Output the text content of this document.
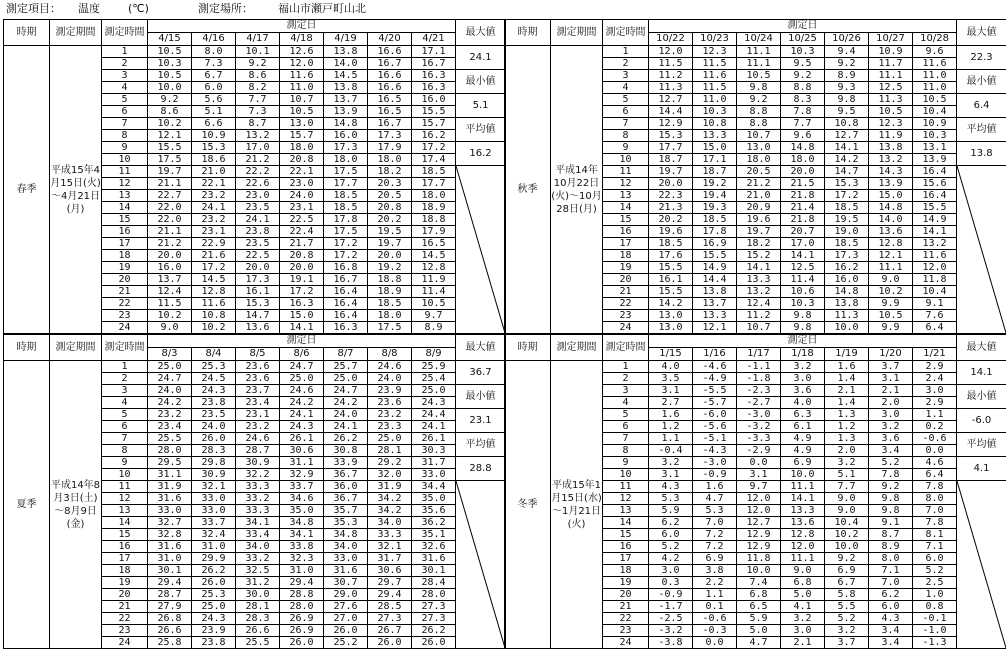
測定項目： 温度	(℃)	測定場所： 福山市瀬戸町山北
時期	測定期間	測定時間	測定日							最大値
			4/15	4/16	4/17	4/18	4/19	4/20	4/21	
春季	平成15年4月15日(火)～4月21日(月)	1	10.5	8.0	10.1	12.6	13.8	16.6	17.1	24.1
		2	10.3	7.3	9.2	12.0	14.0	16.7	16.7	
		3	10.5	6.7	8.6	11.6	14.5	16.6	16.3	最小値
		4	10.0	6.0	8.2	11.0	13.8	16.6	16.3	
		5	9.2	5.6	7.7	10.7	13.7	16.5	16.0	5.1
		6	8.6	5.1	7.3	10.5	13.9	16.5	15.5	
		7	10.2	6.6	8.7	13.0	14.8	16.7	15.7	平均値
		8	12.1	10.9	13.2	15.7	16.0	17.3	16.2	
		9	15.5	15.3	17.0	18.0	17.3	17.9	17.2	16.2
		10	17.5	18.6	21.2	20.8	18.0	18.0	17.4	
		11	19.7	21.0	22.2	22.1	17.5	18.2	18.5	

		12	21.1	22.1	22.6	23.0	17.7	20.3	17.7	
		13	22.7	23.2	23.0	24.0	18.5	20.5	18.0	
		14	22.0	24.1	23.5	23.1	18.5	20.8	18.9	
		15	22.0	23.2	24.1	22.5	17.8	20.2	18.8	
		16	21.1	23.1	23.8	22.4	17.5	19.5	17.9	
		17	21.2	22.9	23.5	21.7	17.2	19.7	16.5	
		18	20.0	21.6	22.5	20.8	17.2	20.0	14.5	
		19	16.0	17.2	20.0	20.0	16.8	19.2	12.8	
		20	13.7	14.5	17.3	19.1	16.7	18.8	11.9	
		21	12.4	12.8	16.1	17.2	16.4	18.9	11.4	
		22	11.5	11.6	15.3	16.3	16.4	18.5	10.5	
		23	10.2	10.8	14.7	15.0	16.4	18.0	9.7	
		24	9.0	10.2	13.6	14.1	16.3	17.5	8.9	
時期	測定期間	測定時間	測定日							最大値
			10/22	10/23	10/24	10/25	10/26	10/27	10/28	
秋季	平成14年10月22日(火)～10月28日(月)	1	12.0	12.3	11.1	10.3	9.4	10.9	9.6	22.3
		2	11.5	11.5	11.1	9.5	9.2	11.7	11.6	
		3	11.2	11.6	10.5	9.2	8.9	11.1	11.0	最小値
		4	11.3	11.5	9.8	8.8	9.3	12.5	11.0	
		5	12.7	11.0	9.2	8.3	9.8	11.3	10.5	6.4
		6	14.4	10.3	8.8	7.8	9.5	10.5	10.4	
		7	12.9	10.8	8.8	7.7	10.8	12.3	10.9	平均値
		8	15.3	13.3	10.7	9.6	12.7	11.9	10.3	
		9	17.7	15.0	13.0	14.8	14.1	13.8	13.1	13.8
		10	18.7	17.1	18.0	18.0	14.2	13.2	13.9	
		11	19.7	18.7	20.5	20.0	14.7	14.3	16.4	

		12	20.0	19.2	21.2	21.5	15.3	13.9	15.6	
		13	22.3	19.4	21.0	21.8	17.2	15.0	16.4	
		14	21.3	19.3	20.9	21.4	18.5	14.8	15.5	
		15	20.2	18.5	19.6	21.8	19.5	14.0	14.9	
		16	19.6	17.8	19.7	20.7	19.0	13.6	14.1	
		17	18.5	16.9	18.2	17.0	18.5	12.8	13.2	
		18	17.6	15.5	15.2	14.1	17.3	12.1	11.6	
		19	15.5	14.9	14.1	12.5	16.2	11.1	12.0	
		20	16.1	14.4	13.3	11.4	16.0	9.0	11.8	
		21	15.5	13.8	13.2	10.6	14.8	10.2	10.4	
		22	14.2	13.7	12.4	10.3	13.8	9.9	9.1	
		23	13.0	13.3	11.2	9.8	11.3	10.5	7.6	
		24	13.0	12.1	10.7	9.8	10.0	9.9	6.4	
時期	測定期間	測定時間	測定日							最大値
			8/3	8/4	8/5	8/6	8/7	8/8	8/9	
夏季	平成14年8月3日(土)～8月9日(金)	1	25.0	25.3	23.6	24.7	25.7	24.6	25.9	36.7
		2	24.7	24.5	23.6	25.0	25.0	24.0	25.4	
		3	24.0	24.3	23.7	24.6	24.7	23.9	25.0	最小値
		4	24.2	23.8	23.4	24.2	24.2	23.6	24.3	
		5	23.2	23.5	23.1	24.1	24.0	23.2	24.4	23.1
		6	23.4	24.0	23.2	24.3	24.1	23.3	24.1	
		7	25.5	26.0	24.6	26.1	26.2	25.0	26.1	平均値
		8	28.0	28.3	28.7	30.6	30.8	28.1	30.3	
		9	29.5	29.8	30.9	31.1	33.9	29.2	31.7	28.8
		10	31.1	30.9	32.2	32.9	36.7	32.0	33.0	
		11	31.9	32.1	33.3	33.7	36.0	31.9	34.4	

		12	31.6	33.0	33.2	34.6	36.7	34.2	35.0	
		13	33.0	33.0	33.3	35.0	35.7	34.2	35.6	
		14	32.7	33.7	34.1	34.8	35.3	34.0	36.2	
		15	32.8	32.4	33.4	34.1	34.8	33.3	35.1	
		16	31.6	31.0	34.0	33.8	34.0	32.1	32.6	
		17	31.0	29.9	33.2	32.3	33.0	31.7	31.6	
		18	30.1	26.2	32.5	31.0	31.6	30.6	30.1	
		19	29.4	26.0	31.2	29.4	30.7	29.7	28.4	
		20	28.7	25.3	30.0	28.8	29.0	29.4	28.0	
		21	27.9	25.0	28.1	28.0	27.6	28.5	27.3	
		22	26.8	24.3	28.3	26.9	27.0	27.3	27.3	
		23	26.6	23.9	26.6	26.9	26.0	26.7	26.2	
		24	25.8	23.8	25.5	26.0	25.2	26.0	26.0	
時期	測定期間	測定時間	測定日							最大値
			1/15	1/16	1/17	1/18	1/19	1/20	1/21	
冬季	平成15年1月15日(水)～1月21日(火)	1	4.0	-4.6	-1.1	3.2	1.6	3.7	2.9	14.1
		2	3.5	-4.9	-1.8	3.0	1.4	3.1	2.4	
		3	3.1	-5.5	-2.3	3.6	2.1	2.1	3.0	最小値
		4	2.7	-5.7	-2.7	4.0	1.4	2.0	2.9	
		5	1.6	-6.0	-3.0	6.3	1.3	3.0	1.1	-6.0
		6	1.2	-5.6	-3.2	6.1	1.2	3.2	0.2	
		7	1.1	-5.1	-3.3	4.9	1.3	3.6	-0.6	平均値
		8	-0.4	-4.3	-2.9	4.9	2.0	3.4	0.0	
		9	3.2	-3.0	0.0	6.9	3.2	5.2	4.6	4.1
		10	3.1	-0.9	3.1	10.0	5.1	7.8	6.4	
		11	4.3	1.6	9.7	11.1	7.7	9.2	7.8	

		12	5.3	4.7	12.0	14.1	9.0	9.8	8.0	
		13	5.9	5.3	12.0	13.3	9.0	9.8	7.0	
		14	6.2	7.0	12.7	13.6	10.4	9.1	7.8	
		15	6.0	7.2	12.9	12.8	10.2	8.7	8.1	
		16	5.2	7.2	12.9	12.0	10.0	8.9	7.1	
		17	4.2	6.9	11.8	11.1	9.2	8.0	6.0	
		18	3.0	3.8	10.0	9.0	6.9	7.1	5.2	
		19	0.3	2.2	7.4	6.8	6.7	7.0	2.5	
		20	-0.9	1.1	6.8	5.0	5.8	6.2	1.0	
		21	-1.7	0.1	6.5	4.1	5.5	6.0	0.8	
		22	-2.5	-0.6	5.9	3.2	5.2	4.3	-0.1	
		23	-3.2	-0.3	5.0	3.0	3.2	3.4	-1.0	
		24	-3.8	0.0	4.7	2.1	3.7	3.4	-1.3	
